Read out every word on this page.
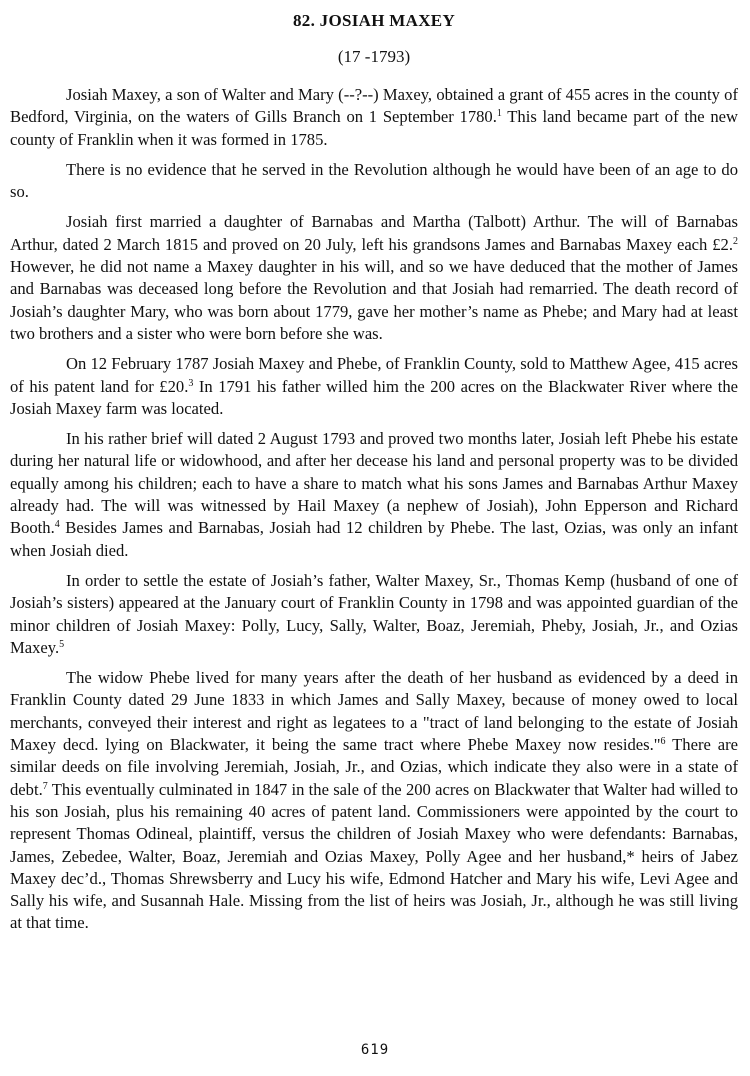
82. JOSIAH MAXEY
(17 -1793)

Josiah Maxey, a son of Walter and Mary (--?--) Maxey, obtained a grant of 455 acres in the county of Bedford, Virginia, on the waters of Gills Branch on 1 September 1780.$^1$ This land became part of the new county of Franklin when it was formed in 1785.

There is no evidence that he served in the Revolution although he would have been of an age to do so.

Josiah first married a daughter of Barnabas and Martha (Talbott) Arthur. The will of Barnabas Arthur, dated 2 March 1815 and proved on 20 July, left his grandsons James and Barnabas Maxey each £2.$^2$ However, he did not name a Maxey daughter in his will, and so we have deduced that the mother of James and Barnabas was deceased long before the Revolution and that Josiah had remarried. The death record of Josiah’s daughter Mary, who was born about 1779, gave her mother’s name as Phebe; and Mary had at least two brothers and a sister who were born before she was.

On 12 February 1787 Josiah Maxey and Phebe, of Franklin County, sold to Matthew Agee, 415 acres of his patent land for £20.$^3$ In 1791 his father willed him the 200 acres on the Blackwater River where the Josiah Maxey farm was located.

In his rather brief will dated 2 August 1793 and proved two months later, Josiah left Phebe his estate during her natural life or widowhood, and after her decease his land and personal property was to be divided equally among his children; each to have a share to match what his sons James and Barnabas Arthur Maxey already had. The will was witnessed by Hail Maxey (a nephew of Josiah), John Epperson and Richard Booth.$^4$ Besides James and Barnabas, Josiah had 12 children by Phebe. The last, Ozias, was only an infant when Josiah died.

In order to settle the estate of Josiah’s father, Walter Maxey, Sr., Thomas Kemp (husband of one of Josiah’s sisters) appeared at the January court of Franklin County in 1798 and was appointed guardian of the minor children of Josiah Maxey: Polly, Lucy, Sally, Walter, Boaz, Jeremiah, Pheby, Josiah, Jr., and Ozias Maxey.$^5$

The widow Phebe lived for many years after the death of her husband as evidenced by a deed in Franklin County dated 29 June 1833 in which James and Sally Maxey, because of money owed to local merchants, conveyed their interest and right as legatees to a "tract of land belonging to the estate of Josiah Maxey decd. lying on Blackwater, it being the same tract where Phebe Maxey now resides."$^6$ There are similar deeds on file involving Jeremiah, Josiah, Jr., and Ozias, which indicate they also were in a state of debt.$^7$ This eventually culminated in 1847 in the sale of the 200 acres on Blackwater that Walter had willed to his son Josiah, plus his remaining 40 acres of patent land. Commissioners were appointed by the court to represent Thomas Odineal, plaintiff, versus the children of Josiah Maxey who were defendants: Barnabas, James, Zebedee, Walter, Boaz, Jeremiah and Ozias Maxey, Polly Agee and her husband,* heirs of Jabez Maxey dec’d., Thomas Shrewsberry and Lucy his wife, Edmond Hatcher and Mary his wife, Levi Agee and Sally his wife, and Susannah Hale. Missing from the list of heirs was Josiah, Jr., although he was still living at that time.

619
